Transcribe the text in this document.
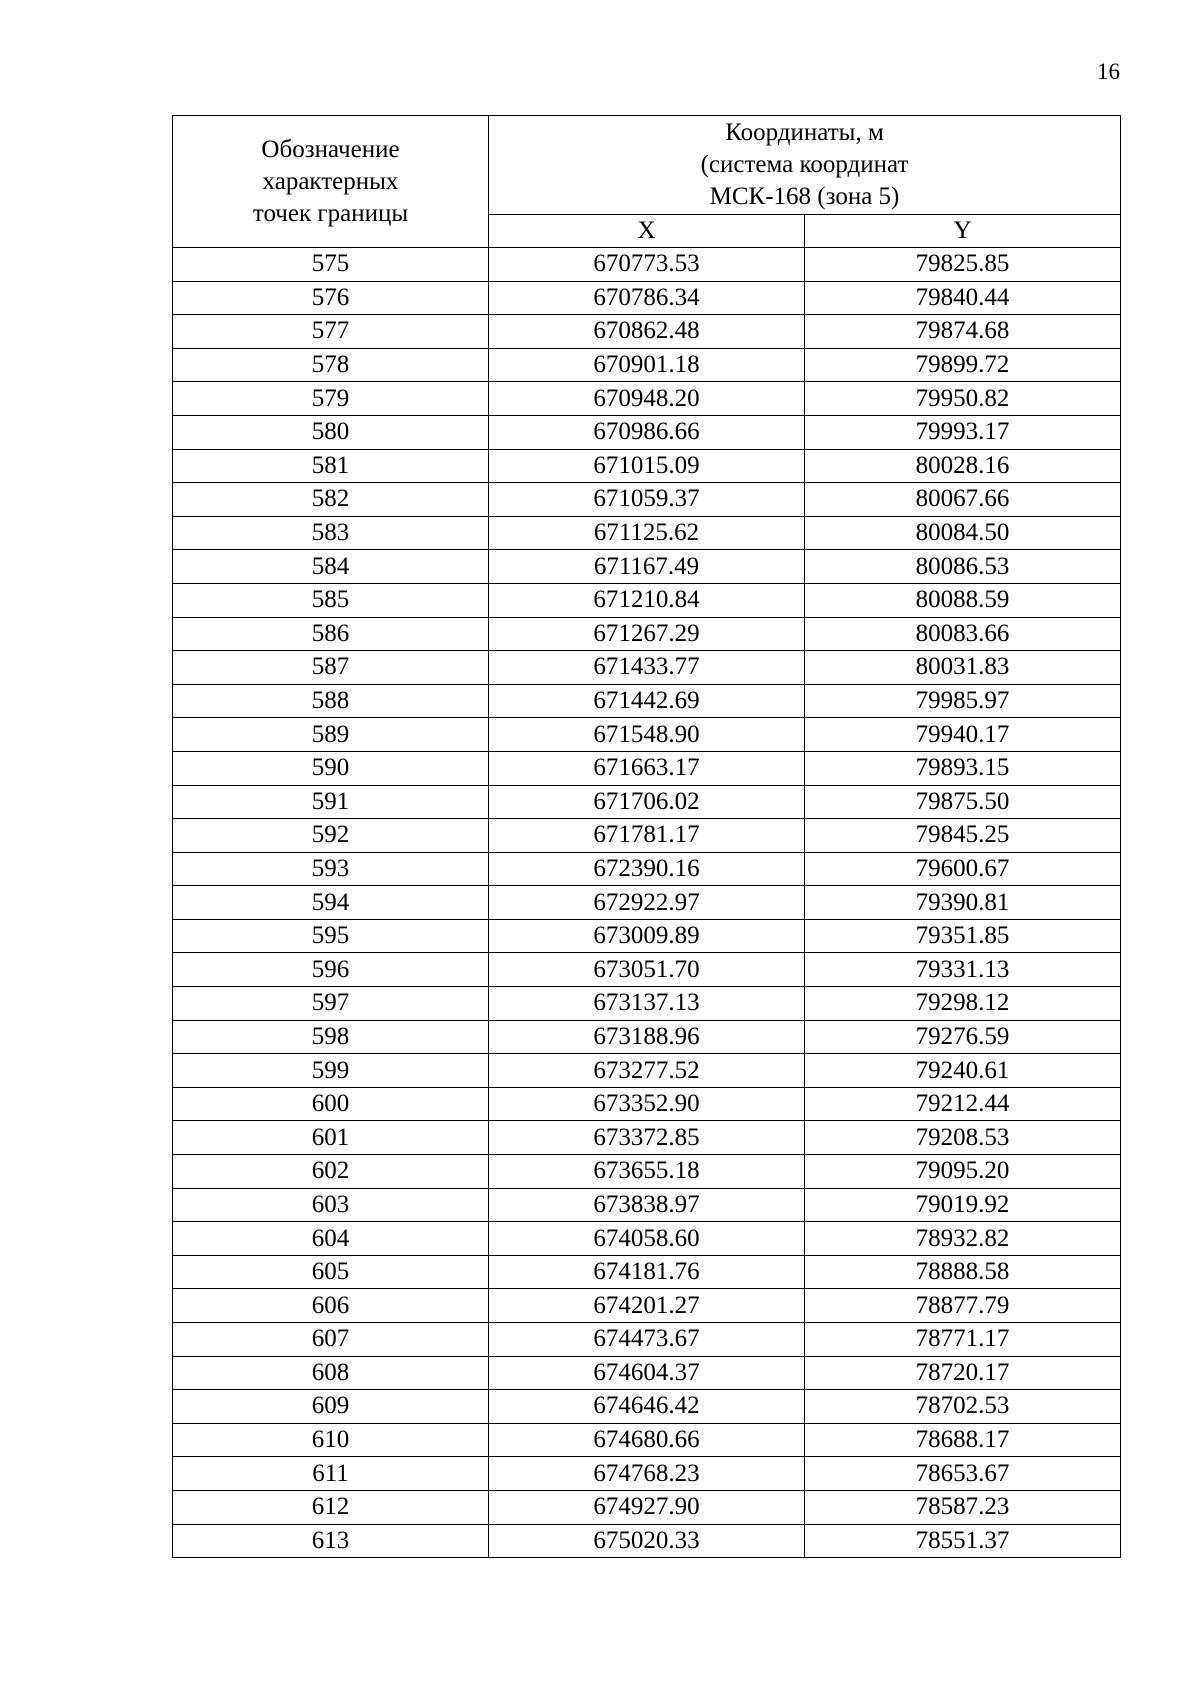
16
Обозначение
характерных
точек границы	Координаты, м
(система координат
МСК-168 (зона 5)	

	X	Y
575	670773.53	79825.85
576	670786.34	79840.44
577	670862.48	79874.68
578	670901.18	79899.72
579	670948.20	79950.82
580	670986.66	79993.17
581	671015.09	80028.16
582	671059.37	80067.66
583	671125.62	80084.50
584	671167.49	80086.53
585	671210.84	80088.59
586	671267.29	80083.66
587	671433.77	80031.83
588	671442.69	79985.97
589	671548.90	79940.17
590	671663.17	79893.15
591	671706.02	79875.50
592	671781.17	79845.25
593	672390.16	79600.67
594	672922.97	79390.81
595	673009.89	79351.85
596	673051.70	79331.13
597	673137.13	79298.12
598	673188.96	79276.59
599	673277.52	79240.61
600	673352.90	79212.44
601	673372.85	79208.53
602	673655.18	79095.20
603	673838.97	79019.92
604	674058.60	78932.82
605	674181.76	78888.58
606	674201.27	78877.79
607	674473.67	78771.17
608	674604.37	78720.17
609	674646.42	78702.53
610	674680.66	78688.17
611	674768.23	78653.67
612	674927.90	78587.23
613	675020.33	78551.37
